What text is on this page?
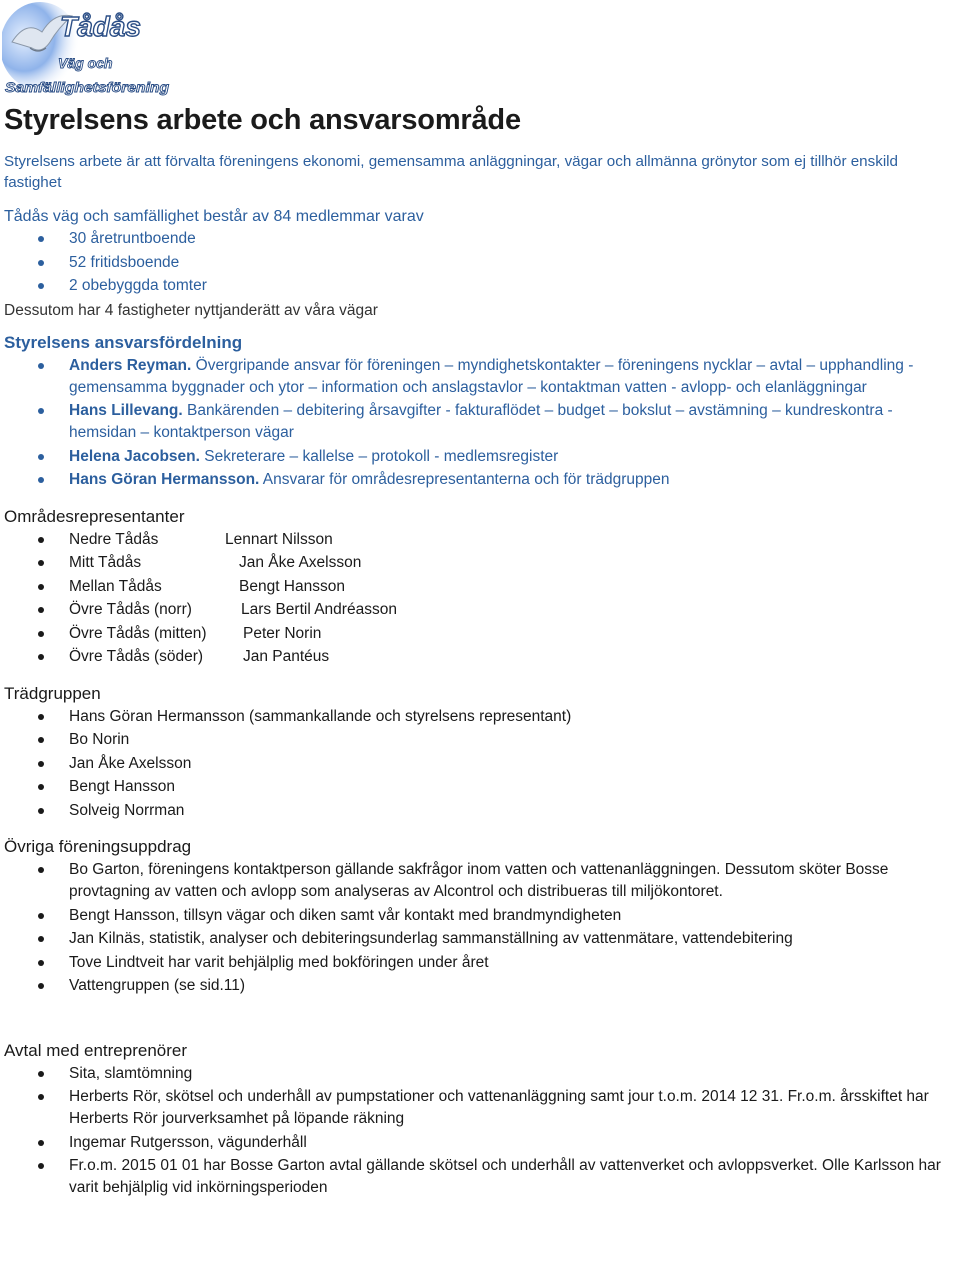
Tådås
Väg och
Samfällighetsförening
Styrelsens arbete och ansvarsområde

Styrelsens arbete är att förvalta föreningens ekonomi, gemensamma anläggningar, vägar och allmänna grönytor som ej tillhör enskild fastighet

Tådås väg och samfällighet består av 84 medlemmar varav

30 åretruntboende
52 fritidsboende
2 obebyggda tomter

Dessutom har 4 fastigheter nyttjanderätt av våra vägar

Styrelsens ansvarsfördelning
Anders Reyman. Övergripande ansvar för föreningen – myndighetskontakter – föreningens nycklar – avtal – upphandling - gemensamma byggnader och ytor – information och anslagstavlor – kontaktman vatten - avlopp- och elanläggningar
Hans Lillevang. Bankärenden – debitering årsavgifter - fakturaflödet – budget – bokslut – avstämning – kundreskontra - hemsidan – kontaktperson vägar
Helena Jacobsen. Sekreterare – kallelse – protokoll - medlemsregister
Hans Göran Hermansson. Ansvarar för områdesrepresentanterna och för trädgruppen
Områdesrepresentanter
Nedre Tådås	Lennart Nilsson
Mitt Tådås	Jan Åke Axelsson
Mellan Tådås	Bengt Hansson
Övre Tådås (norr)	Lars Bertil Andréasson
Övre Tådås (mitten)	Peter Norin
Övre Tådås (söder)	Jan Pantéus
Trädgruppen
Hans Göran Hermansson (sammankallande och styrelsens representant)
Bo Norin
Jan Åke Axelsson
Bengt Hansson
Solveig Norrman
Övriga föreningsuppdrag
Bo Garton, föreningens kontaktperson gällande sakfrågor inom vatten och vattenanläggningen. Dessutom sköter Bosse provtagning av vatten och avlopp som analyseras av Alcontrol och distribueras till miljökontoret.
Bengt Hansson, tillsyn vägar och diken samt vår kontakt med brandmyndigheten
Jan Kilnäs, statistik, analyser och debiteringsunderlag sammanställning av vattenmätare, vattendebitering
Tove Lindtveit har varit behjälplig med bokföringen under året
Vattengruppen (se sid.11)
Avtal med entreprenörer
Sita, slamtömning
Herberts Rör, skötsel och underhåll av pumpstationer och vattenanläggning samt jour t.o.m. 2014 12 31. Fr.o.m. årsskiftet har Herberts Rör jourverksamhet på löpande räkning
Ingemar Rutgersson, vägunderhåll
Fr.o.m. 2015 01 01 har Bosse Garton avtal gällande skötsel och underhåll av vattenverket och avloppsverket. Olle Karlsson har varit behjälplig vid inkörningsperioden
